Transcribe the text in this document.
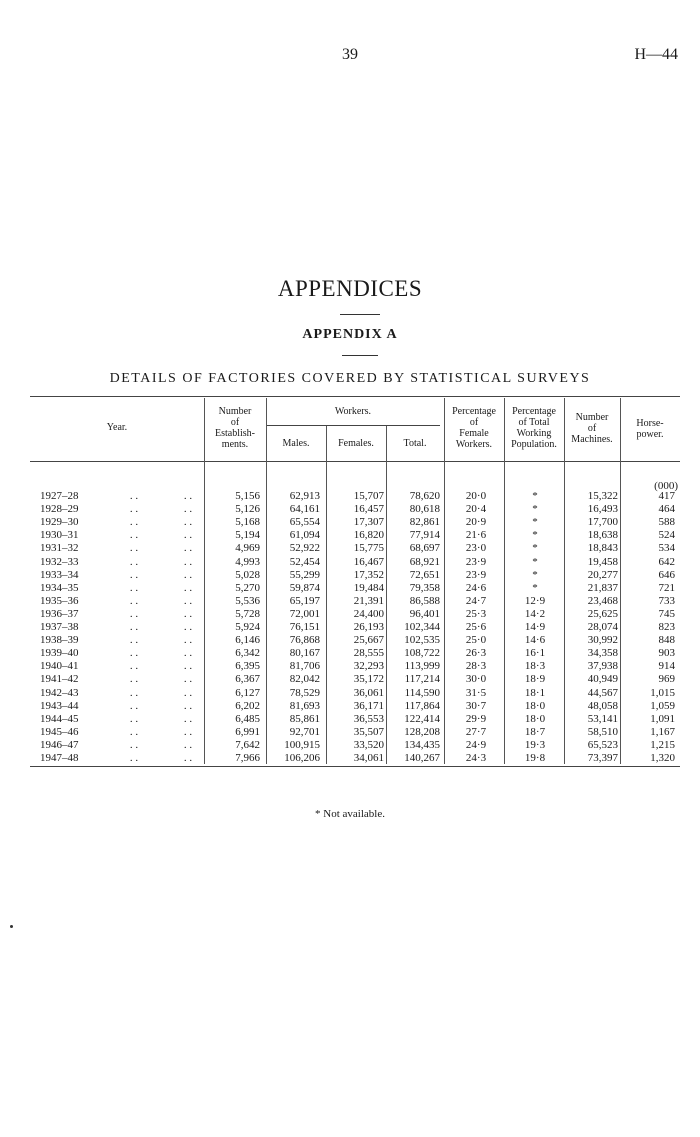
39	H—44
APPENDICES
APPENDIX A
DETAILS OF FACTORIES COVERED BY STATISTICAL SURVEYS
Year.
Number
of
Establish-
ments.
Workers.
Males.	Females.	Total.
Percentage
of
Female
Workers.
Percentage
of Total
Working
Population.
Number
of
Machines.
Horse-
power.
(000)
1927–28	. .	. .	5,156	62,913	15,707	78,620	20·0	*	15,322	417
1928–29	. .	. .	5,126	64,161	16,457	80,618	20·4	*	16,493	464
1929–30	. .	. .	5,168	65,554	17,307	82,861	20·9	*	17,700	588
1930–31	. .	. .	5,194	61,094	16,820	77,914	21·6	*	18,638	524
1931–32	. .	. .	4,969	52,922	15,775	68,697	23·0	*	18,843	534
1932–33	. .	. .	4,993	52,454	16,467	68,921	23·9	*	19,458	642
1933–34	. .	. .	5,028	55,299	17,352	72,651	23·9	*	20,277	646
1934–35	. .	. .	5,270	59,874	19,484	79,358	24·6	*	21,837	721
1935–36	. .	. .	5,536	65,197	21,391	86,588	24·7	12·9	23,468	733
1936–37	. .	. .	5,728	72,001	24,400	96,401	25·3	14·2	25,625	745
1937–38	. .	. .	5,924	76,151	26,193	102,344	25·6	14·9	28,074	823
1938–39	. .	. .	6,146	76,868	25,667	102,535	25·0	14·6	30,992	848
1939–40	. .	. .	6,342	80,167	28,555	108,722	26·3	16·1	34,358	903
1940–41	. .	. .	6,395	81,706	32,293	113,999	28·3	18·3	37,938	914
1941–42	. .	. .	6,367	82,042	35,172	117,214	30·0	18·9	40,949	969
1942–43	. .	. .	6,127	78,529	36,061	114,590	31·5	18·1	44,567	1,015
1943–44	. .	. .	6,202	81,693	36,171	117,864	30·7	18·0	48,058	1,059
1944–45	. .	. .	6,485	85,861	36,553	122,414	29·9	18·0	53,141	1,091
1945–46	. .	. .	6,991	92,701	35,507	128,208	27·7	18·7	58,510	1,167
1946–47	. .	. .	7,642	100,915	33,520	134,435	24·9	19·3	65,523	1,215
1947–48	. .	. .	7,966	106,206	34,061	140,267	24·3	19·8	73,397	1,320
* Not available.
